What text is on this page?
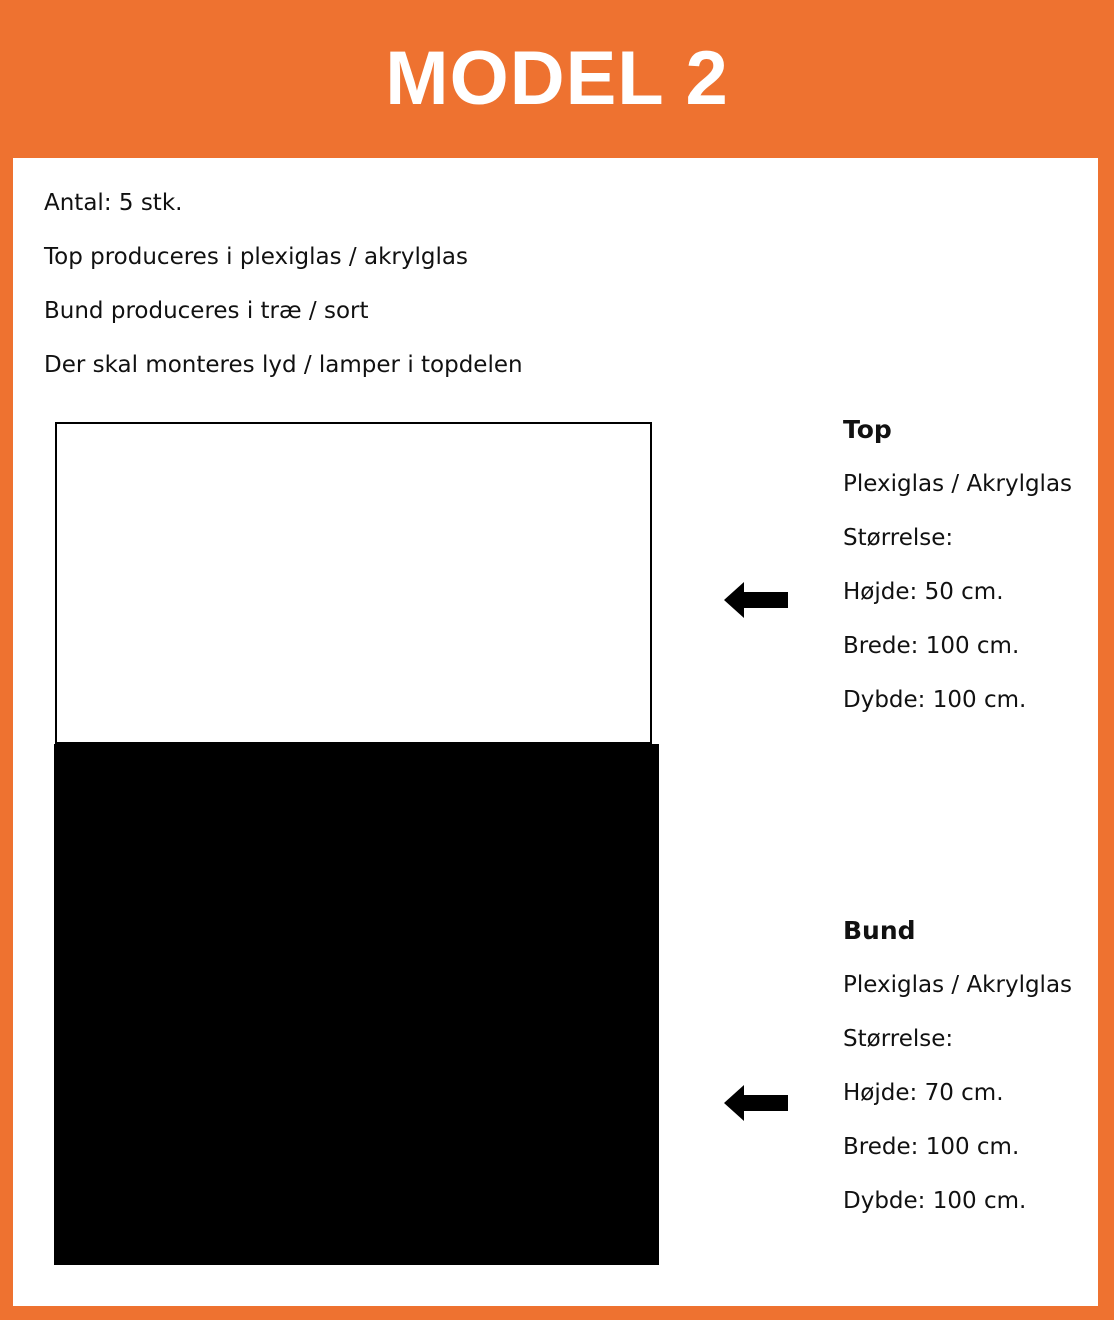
MODEL 2
Antal: 5 stk.
Top produceres i plexiglas / akrylglas
Bund produceres i træ / sort
Der skal monteres lyd / lamper i topdelen
Top
Plexiglas / Akrylglas
Størrelse:
Højde: 50 cm.
Brede: 100 cm.
Dybde: 100 cm.
Bund
Plexiglas / Akrylglas
Størrelse:
Højde: 70 cm.
Brede: 100 cm.
Dybde: 100 cm.
